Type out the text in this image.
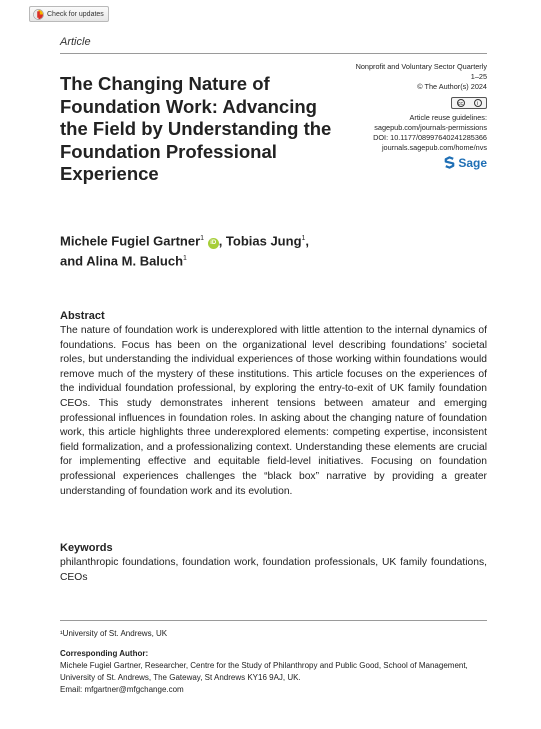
Check for updates
Article
The Changing Nature of Foundation Work: Advancing the Field by Understanding the Foundation Professional Experience
Nonprofit and Voluntary Sector Quarterly
1–25
© The Author(s) 2024
cc	i
Article reuse guidelines:
sagepub.com/journals-permissions
DOI: 10.1177/08997640241285366
journals.sagepub.com/home/nvs
Sage
Michele Fugiel Gartner$^1$ iD , Tobias Jung$^1$,
and Alina M. Baluch$^1$
Abstract
The nature of foundation work is underexplored with little attention to the internal dynamics of foundations. Focus has been on the organizational level describing foundations’ societal roles, but understanding the individual experiences of those working within foundations would remove much of the mystery of these institutions. This article focuses on the experiences of the individual foundation professional, by exploring the entry-to-exit of UK family foundation CEOs. This study demonstrates inherent tensions between amateur and emerging professional influences in foundation roles. In asking about the changing nature of foundation work, this article highlights three underexplored elements: competing expertise, inconsistent field formalization, and a professionalizing context. Understanding these elements are crucial for implementing effective and equitable field-level initiatives. Focusing on foundation professional experiences challenges the “black box” narrative by providing a greater understanding of foundation work and its evolution.
Keywords
philanthropic foundations, foundation work, foundation professionals, UK family foundations, CEOs
¹University of St. Andrews, UK
Corresponding Author:
Michele Fugiel Gartner, Researcher, Centre for the Study of Philanthropy and Public Good, School of Management, University of St. Andrews, The Gateway, St Andrews KY16 9AJ, UK.
Email: mfgartner@mfgchange.com
